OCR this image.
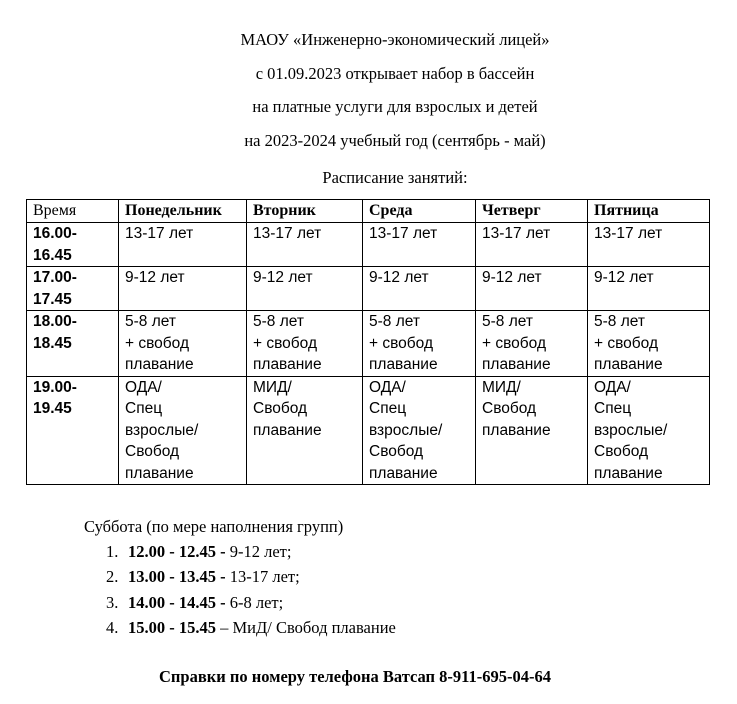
МАОУ «Инженерно-экономический лицей»
с 01.09.2023 открывает набор в бассейн
на платные услуги для взрослых и детей
на 2023-2024 учебный год (сентябрь - май)
Расписание занятий:
Время	Понедельник	Вторник	Среда	Четверг	Пятница
16.00-
16.45	13-17 лет	13-17 лет	13-17 лет	13-17 лет	13-17 лет
17.00-
17.45	9-12 лет	9-12 лет	9-12 лет	9-12 лет	9-12 лет
18.00-
18.45	5-8 лет
+ свобод
плавание	5-8 лет
+ свобод
плавание	5-8 лет
+ свобод
плавание	5-8 лет
+ свобод
плавание	5-8 лет
+ свобод
плавание
19.00-
19.45	ОДА/
Спец
взрослые/
Свобод
плавание	МИД/
Свобод
плавание	ОДА/
Спец
взрослые/
Свобод
плавание	МИД/
Свобод
плавание	ОДА/
Спец
взрослые/
Свобод
плавание
Суббота (по мере наполнения групп)
1. 12.00 - 12.45 - 9-12 лет;
2. 13.00 - 13.45 - 13-17 лет;
3. 14.00 - 14.45 - 6-8 лет;
4. 15.00 - 15.45 – МиД/ Свобод плавание
Справки по номеру телефона Ватсап 8-911-695-04-64
